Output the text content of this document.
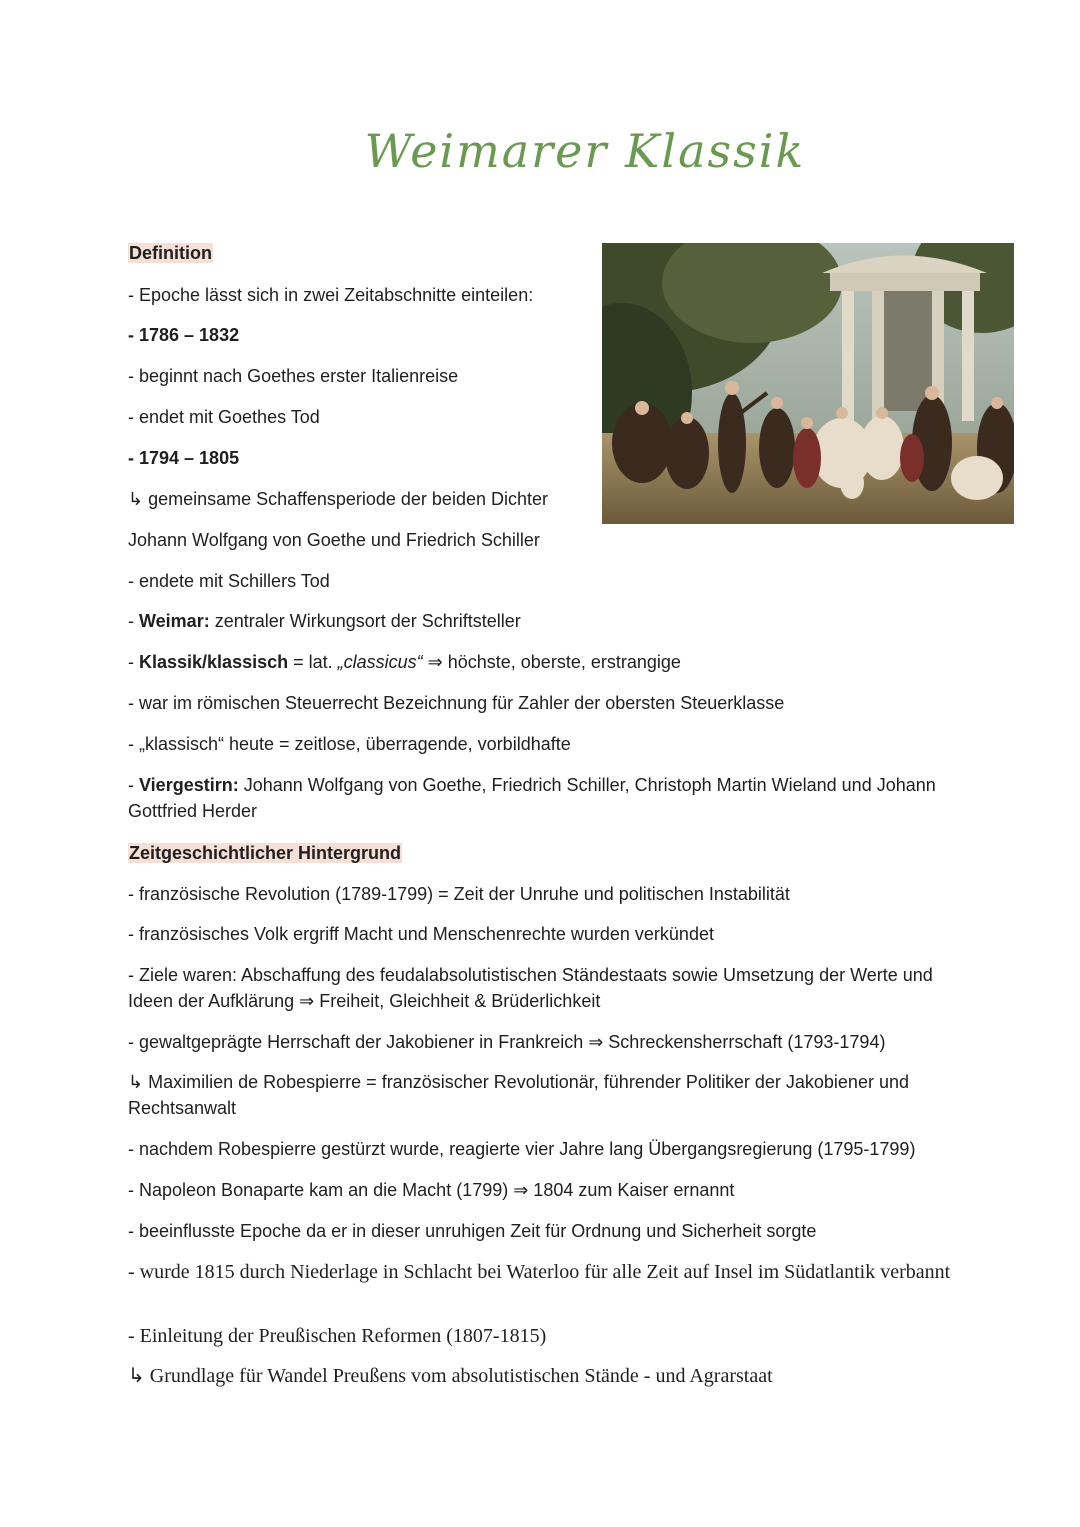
Weimarer Klassik
Definition
- Epoche lässt sich in zwei Zeitabschnitte einteilen:
- 1786 – 1832
- beginnt nach Goethes erster Italienreise
- endet mit Goethes Tod
- 1794 – 1805
↳ gemeinsame Schaffensperiode der beiden Dichter
Johann Wolfgang von Goethe und Friedrich Schiller
- endete mit Schillers Tod
- Weimar: zentraler Wirkungsort der Schriftsteller
- Klassik/klassisch = lat. „classicus“ ⇒ höchste, oberste, erstrangige
- war im römischen Steuerrecht Bezeichnung für Zahler der obersten Steuerklasse
- „klassisch“ heute = zeitlose, überragende, vorbildhafte
- Viergestirn: Johann Wolfgang von Goethe, Friedrich Schiller, Christoph Martin Wieland und Johann Gottfried Herder
Zeitgeschichtlicher Hintergrund
- französische Revolution (1789-1799) = Zeit der Unruhe und politischen Instabilität
- französisches Volk ergriff Macht und Menschenrechte wurden verkündet
- Ziele waren: Abschaffung des feudalabsolutistischen Ständestaats sowie Umsetzung der Werte und Ideen der Aufklärung ⇒ Freiheit, Gleichheit & Brüderlichkeit
- gewaltgeprägte Herrschaft der Jakobiener in Frankreich ⇒ Schreckensherrschaft (1793-1794)
↳ Maximilien de Robespierre = französischer Revolutionär, führender Politiker der Jakobiener und Rechtsanwalt
- nachdem Robespierre gestürzt wurde, reagierte vier Jahre lang Übergangsregierung (1795-1799)
- Napoleon Bonaparte kam an die Macht (1799) ⇒ 1804 zum Kaiser ernannt
- beeinflusste Epoche da er in dieser unruhigen Zeit für Ordnung und Sicherheit sorgte
- wurde 1815 durch Niederlage in Schlacht bei Waterloo für alle Zeit auf Insel im Südatlantik verbannt
- Einleitung der Preußischen Reformen (1807-1815)
↳ Grundlage für Wandel Preußens vom absolutistischen Stände - und Agrarstaat
